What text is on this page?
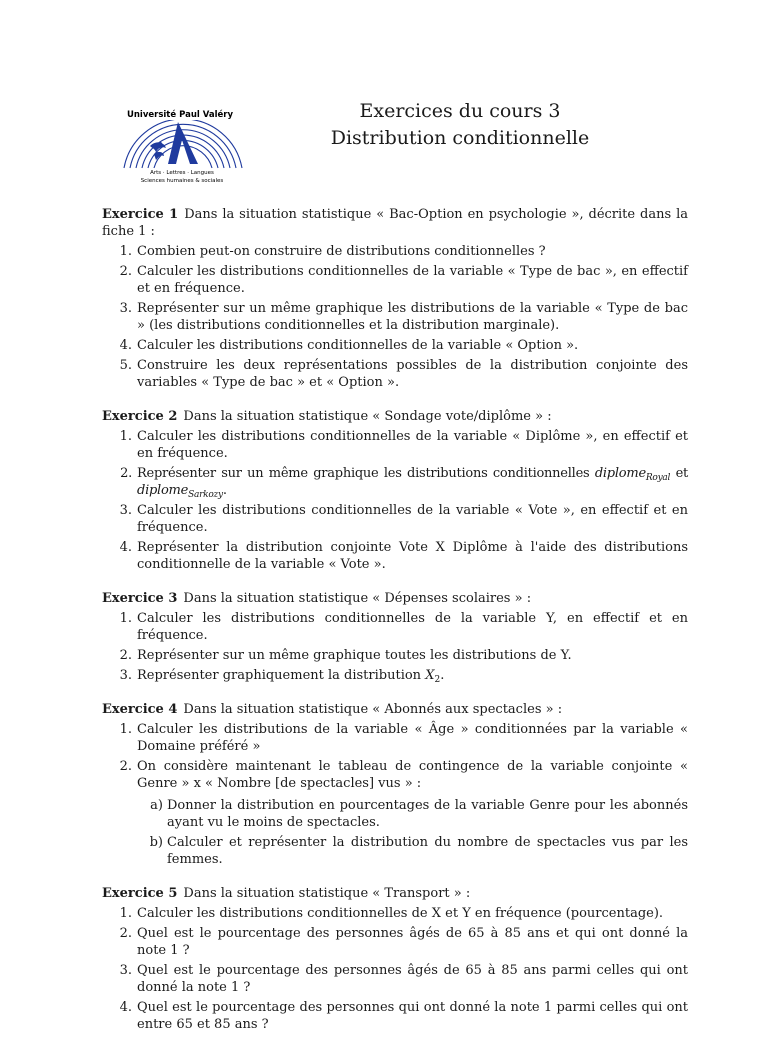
Université Paul Valéry
Arts · Lettres · Langues
Sciences humaines & sociales
Exercices du cours 3
Distribution conditionnelle
Exercice 1 Dans la situation statistique « Bac-Option en psychologie », décrite dans la fiche 1 :
1. Combien peut-on construire de distributions conditionnelles ?
2. Calculer les distributions conditionnelles de la variable « Type de bac », en effectif et en fréquence.
3. Représenter sur un même graphique les distributions de la variable « Type de bac » (les distributions conditionnelles et la distribution marginale).
4. Calculer les distributions conditionnelles de la variable « Option ».
5. Construire les deux représentations possibles de la distribution conjointe des variables « Type de bac » et « Option ».
Exercice 2 Dans la situation statistique « Sondage vote/diplôme » :
1. Calculer les distributions conditionnelles de la variable « Diplôme », en effectif et en fréquence.
2. Représenter sur un même graphique les distributions conditionnelles diplome$_{Royal}$ et diplome$_{Sarkozy}$.
3. Calculer les distributions conditionnelles de la variable « Vote », en effectif et en fréquence.
4. Représenter la distribution conjointe Vote X Diplôme à l'aide des distributions conditionnelle de la variable « Vote ».
Exercice 3 Dans la situation statistique « Dépenses scolaires » :
1. Calculer les distributions conditionnelles de la variable Y, en effectif et en fréquence.
2. Représenter sur un même graphique toutes les distributions de Y.
3. Représenter graphiquement la distribution $X_2$.
Exercice 4 Dans la situation statistique « Abonnés aux spectacles » :
1. Calculer les distributions de la variable « Âge » conditionnées par la variable « Domaine préféré »
2. On considère maintenant le tableau de contingence de la variable conjointe « Genre » x « Nombre [de spectacles] vus » :
a) Donner la distribution en pourcentages de la variable Genre pour les abonnés ayant vu le moins de spectacles.
b) Calculer et représenter la distribution du nombre de spectacles vus par les femmes.
Exercice 5 Dans la situation statistique « Transport » :
1. Calculer les distributions conditionnelles de X et Y en fréquence (pourcentage).
2. Quel est le pourcentage des personnes âgés de 65 à 85 ans et qui ont donné la note 1 ?
3. Quel est le pourcentage des personnes âgés de 65 à 85 ans parmi celles qui ont donné la note 1 ?
4. Quel est le pourcentage des personnes qui ont donné la note 1 parmi celles qui ont entre 65 et 85 ans ?
